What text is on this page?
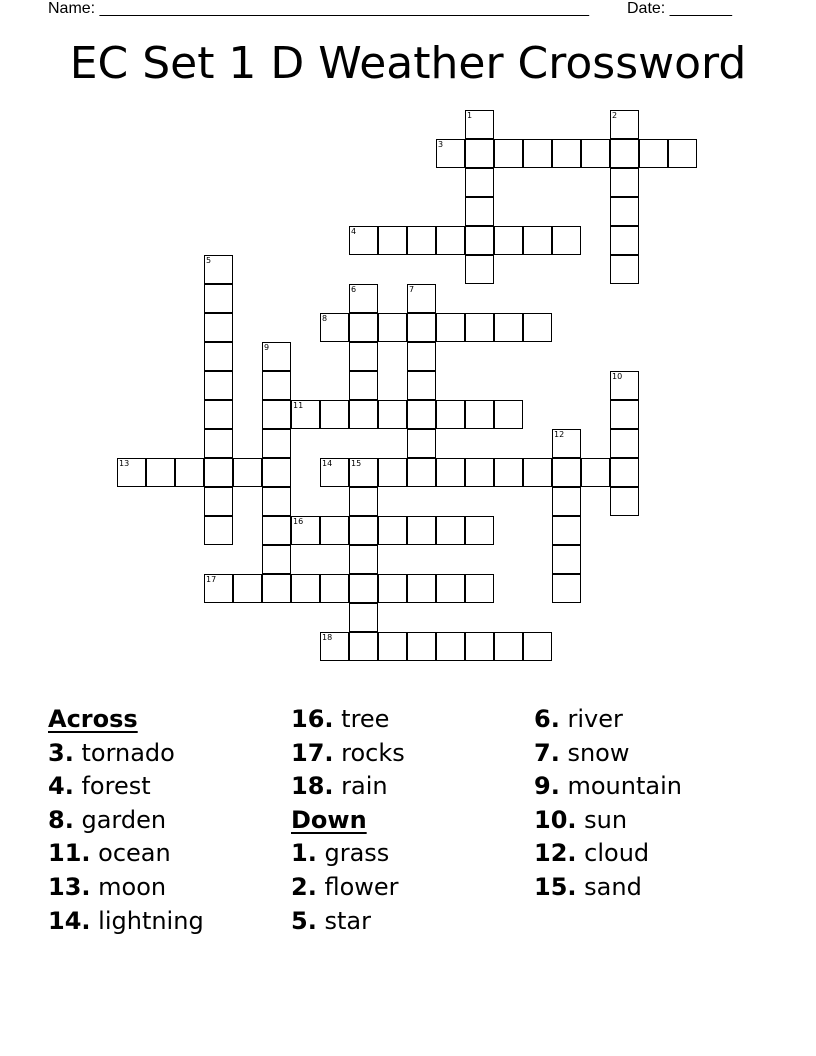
Name: _______________________________________________________ Date: _______
EC Set 1 D Weather Crossword
1	2
3
4
5
6	7
8
9
10
11
12
13	14 15
16
17
18
Across
3. tornado
4. forest
8. garden
11. ocean
13. moon
14. lightning
16. tree
17. rocks
18. rain
Down
1. grass
2. flower
5. star
6. river
7. snow
9. mountain
10. sun
12. cloud
15. sand
